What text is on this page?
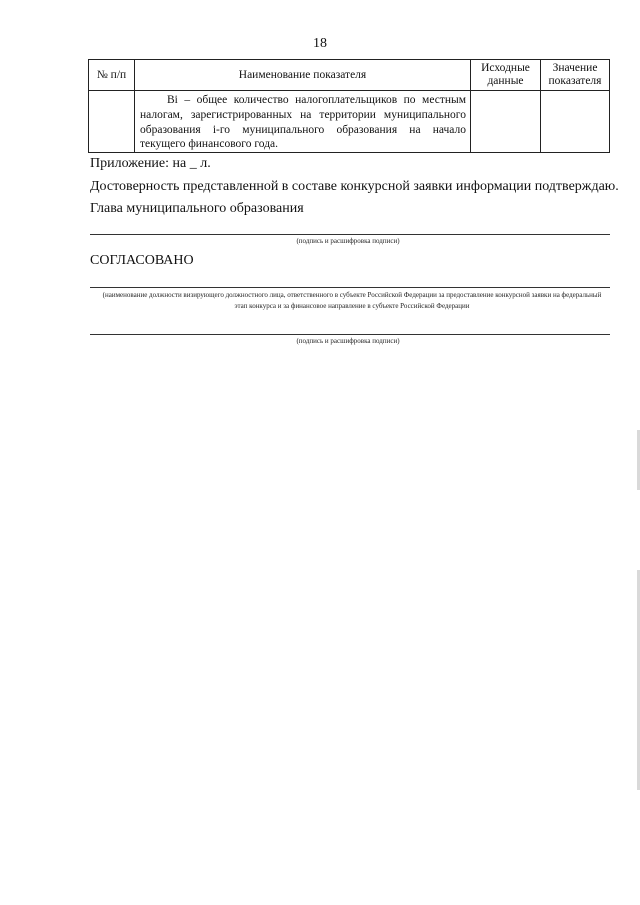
18
№ п/п	Наименование показателя	Исходные данные	Значение показателя

	Bi – общее количество налогоплательщиков по местным налогам, зарегистрированных на территории муниципального образования i-го муниципального образования на начало текущего финансового года.		

Приложение: на _ л.
Достоверность представленной в составе конкурсной заявки информации подтверждаю.
Глава муниципального образования
(подпись и расшифровка подписи)
СОГЛАСОВАНО
(наименование должности визирующего должностного лица, ответственного в субъекте Российской Федерации за предоставление конкурсной заявки на федеральный этап конкурса и за финансовое направление в субъекте Российской Федерации
(подпись и расшифровка подписи)
